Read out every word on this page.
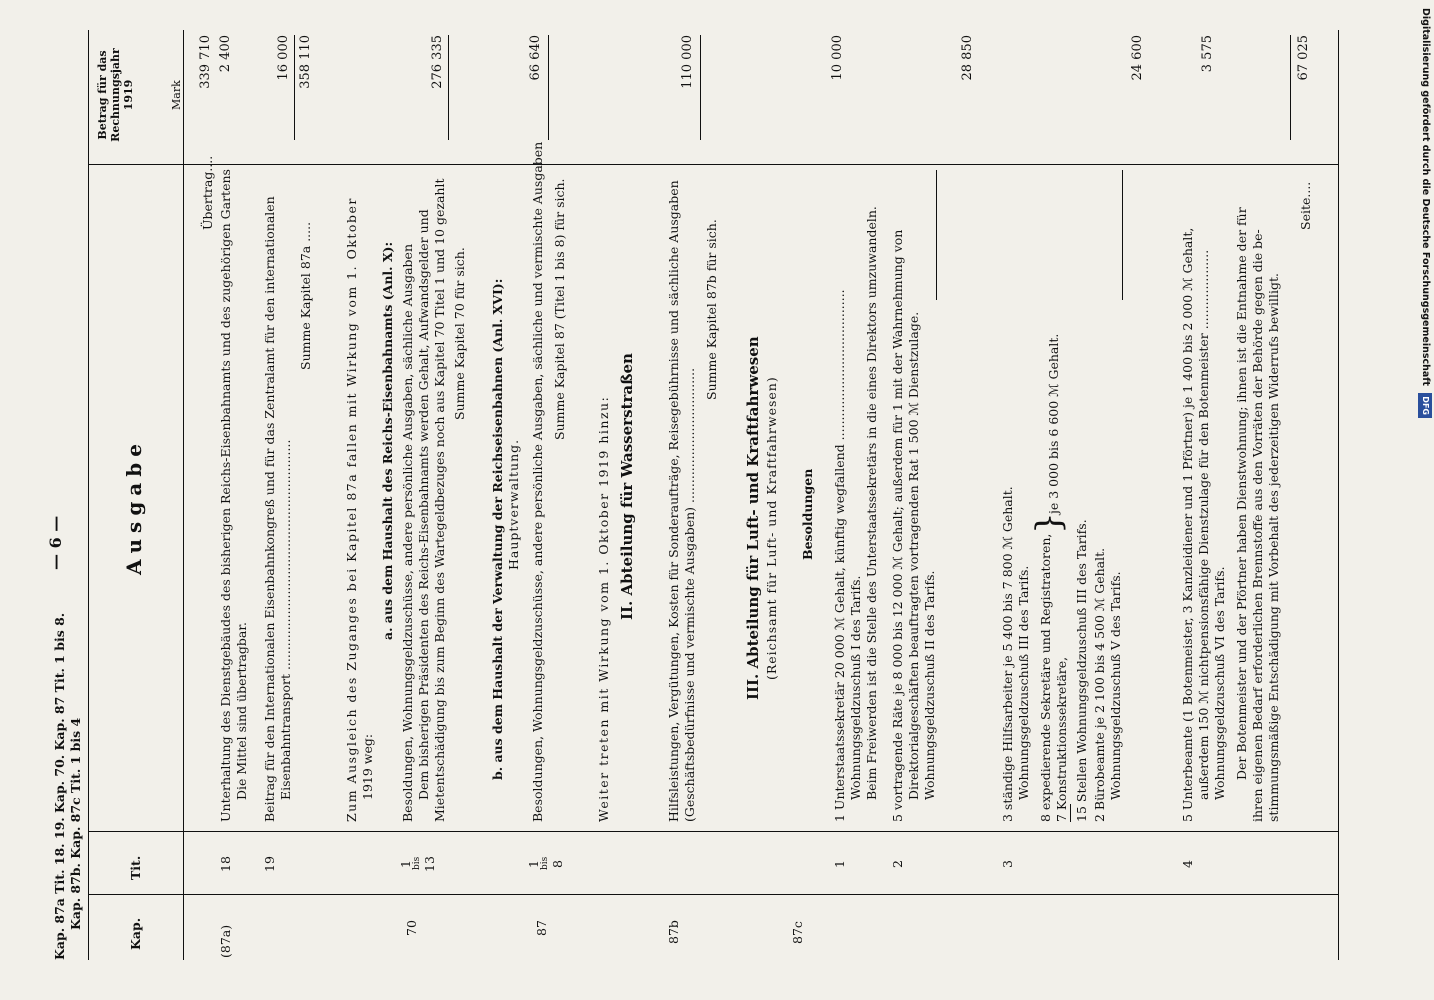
Kap. 87a Tit. 18. 19. Kap. 70. Kap. 87 Tit. 1 bis 8. Kap. 87b. Kap. 87c Tit. 1 bis 4
— 6 —
Kap.
Tit.
Ausgabe
Betrag für das Rechnungsjahr 1919	Mark
Übertrag....
339 710
(87a)
18
Unterhaltung des Dienstgebäudes des bisherigen Reichs-Eisenbahnamts und des zugehörigen Gartens Die Mittel sind übertragbar.
2 400
19
Beitrag für den Internationalen Eisenbahnkongreß und für das Zentralamt für den internationalen Eisenbahntransport ..........................................................
16 000
Summe Kapitel 87a .....
358 110
Zum Ausgleich des Zuganges bei Kapitel 87a fallen mit Wirkung vom 1. Oktober 1919 weg:
a. aus dem Haushalt des Reichs-Eisenbahnamts (Anl. X):
70
1 bis 13
Besoldungen, Wohnungsgeldzuschüsse, andere persönliche Ausgaben, sächliche Ausgaben Dem bisherigen Präsidenten des Reichs-Eisenbahnamts werden Gehalt, Aufwandsgelder und Mietentschädigung bis zum Beginn des Wartegeldbezuges noch aus Kapitel 70 Titel 1 und 10 gezahlt
276 335
Summe Kapitel 70 für sich. b. aus dem Haushalt der Verwaltung der Reichseisenbahnen (Anl. XVI): Hauptverwaltung.
87
1 bis 8
Besoldungen, Wohnungsgeldzuschüsse, andere persönliche Ausgaben, sächliche und vermischte Ausgaben
66 640
Summe Kapitel 87 (Titel 1 bis 8) für sich.
Weiter treten mit Wirkung vom 1. Oktober 1919 hinzu: II. Abteilung für Wasserstraßen
87b
Hilfsleistungen, Vergütungen, Kosten für Sonderaufträge, Reisegebührnisse und sächliche Ausgaben (Geschäftsbedürfnisse und vermischte Ausgaben) ..................................
110 000
Summe Kapitel 87b für sich.
III. Abteilung für Luft- und Kraftfahrwesen (Reichsamt für Luft- und Kraftfahrwesen)
87c
Besoldungen
1
1 Unterstaatssekretär 20 000 ℳ Gehalt, künftig wegfallend ...................................... Wohnungsgeldzuschuß I des Tarifs. Beim Freiwerden ist die Stelle des Unterstaatssekretärs in die eines Direktors umzuwandeln.
10 000
2
5 vortragende Räte je 8 000 bis 12 000 ℳ Gehalt; außerdem für 1 mit der Wahrnehmung von Direktorialgeschäften beauftragten vortragenden Rat 1 500 ℳ Dienstzulage. Wohnungsgeldzuschuß II des Tarifs.
28 850
3
3 ständige Hilfsarbeiter je 5 400 bis 7 800 ℳ Gehalt. Wohnungsgeldzuschuß III des Tarifs. 8 expedierende Sekretäre und Registratoren, 7 Konstruktionssekretäre,
}
je 3 000 bis 6 600 ℳ Gehalt.
15 Stellen Wohnungsgeldzuschuß III des Tarifs. 2 Bürobeamte je 2 100 bis 4 500 ℳ Gehalt. Wohnungsgeldzuschuß V des Tarifs.
24 600
4
5 Unterbeamte (1 Botenmeister, 3 Kanzleidiener und 1 Pförtner) je 1 400 bis 2 000 ℳ Gehalt, außerdem 150 ℳ nichtpensionsfähige Dienstzulage für den Botenmeister .................... Wohnungsgeldzuschuß VI des Tarifs.
3 575
Der Botenmeister und der Pförtner haben Dienstwohnung; ihnen ist die Entnahme der für ihren eigenen Bedarf erforderlichen Brennstoffe aus den Vorräten der Behörde gegen die be- stimmungsmäßige Entschädigung mit Vorbehalt des jederzeitigen Widerrufs bewilligt.
Seite....
67 025	Digitalisierung gefördert durch die Deutsche Forschungsgemeinschaft DFG
